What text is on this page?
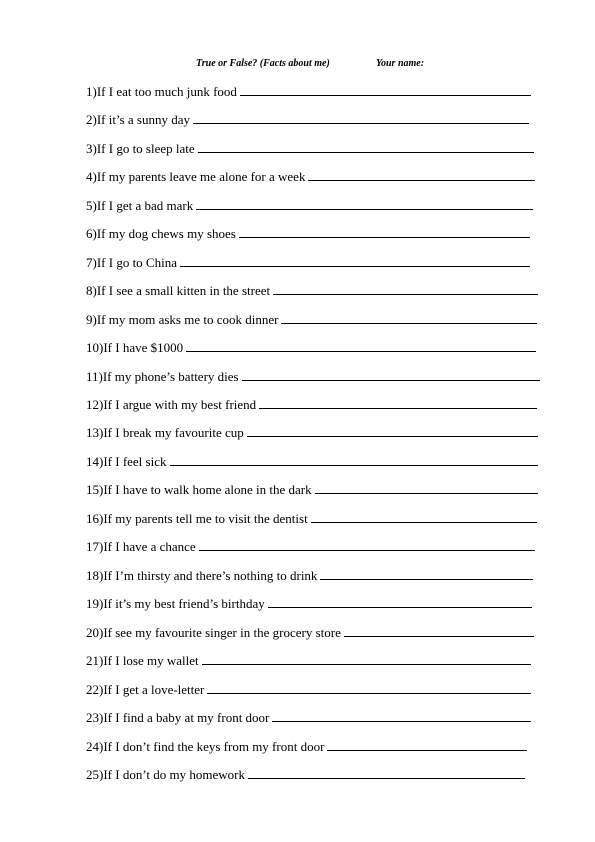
True or False? (Facts about me)	Your name:
1)If I eat too much junk food
2)If it’s a sunny day
3)If I go to sleep late
4)If my parents leave me alone for a week
5)If I get a bad mark
6)If my dog chews my shoes
7)If I go to China
8)If I see a small kitten in the street
9)If my mom asks me to cook dinner
10)If I have $1000
11)If my phone’s battery dies
12)If I argue with my best friend
13)If I break my favourite cup
14)If I feel sick
15)If I have to walk home alone in the dark
16)If my parents tell me to visit the dentist
17)If I have a chance
18)If I’m thirsty and there’s nothing to drink
19)If it’s my best friend’s birthday
20)If see my favourite singer in the grocery store
21)If I lose my wallet
22)If I get a love-letter
23)If I find a baby at my front door
24)If I don’t find the keys from my front door
25)If I don’t do my homework
